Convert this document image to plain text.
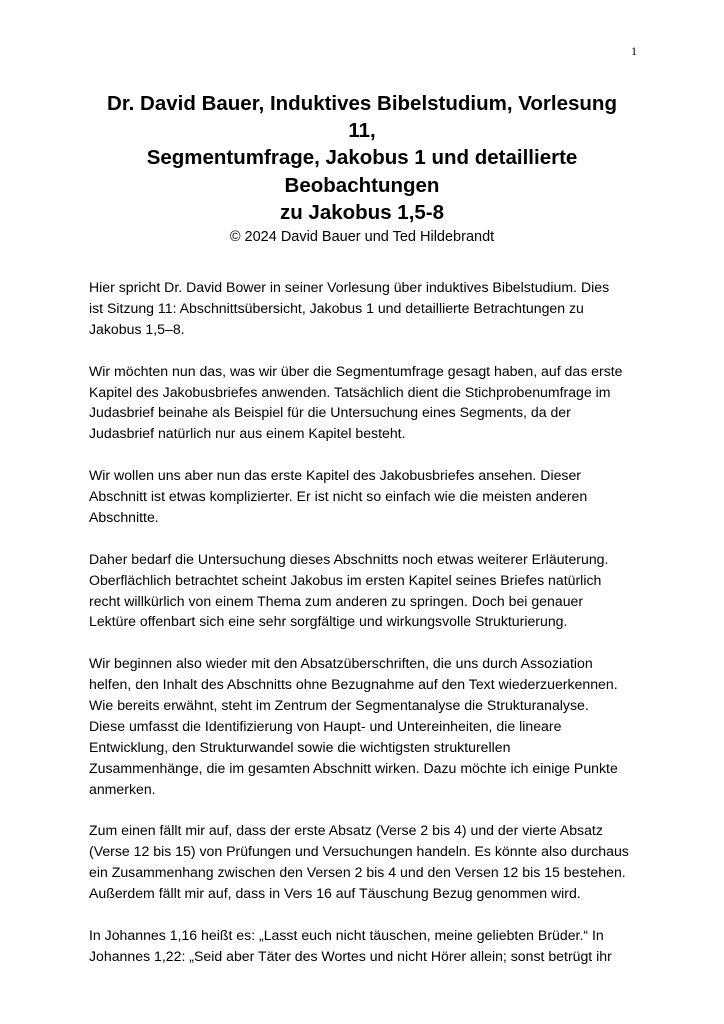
1
Dr. David Bauer, Induktives Bibelstudium, Vorlesung
11,
Segmentumfrage, Jakobus 1 und detaillierte
Beobachtungen
zu Jakobus 1,5-8
© 2024 David Bauer und Ted Hildebrandt
Hier spricht Dr. David Bower in seiner Vorlesung über induktives Bibelstudium. Dies
ist Sitzung 11: Abschnittsübersicht, Jakobus 1 und detaillierte Betrachtungen zu
Jakobus 1,5–8.
Wir möchten nun das, was wir über die Segmentumfrage gesagt haben, auf das erste
Kapitel des Jakobusbriefes anwenden. Tatsächlich dient die Stichprobenumfrage im
Judasbrief beinahe als Beispiel für die Untersuchung eines Segments, da der
Judasbrief natürlich nur aus einem Kapitel besteht.
Wir wollen uns aber nun das erste Kapitel des Jakobusbriefes ansehen. Dieser
Abschnitt ist etwas komplizierter. Er ist nicht so einfach wie die meisten anderen
Abschnitte.
Daher bedarf die Untersuchung dieses Abschnitts noch etwas weiterer Erläuterung.
Oberflächlich betrachtet scheint Jakobus im ersten Kapitel seines Briefes natürlich
recht willkürlich von einem Thema zum anderen zu springen. Doch bei genauer
Lektüre offenbart sich eine sehr sorgfältige und wirkungsvolle Strukturierung.
Wir beginnen also wieder mit den Absatzüberschriften, die uns durch Assoziation
helfen, den Inhalt des Abschnitts ohne Bezugnahme auf den Text wiederzuerkennen.
Wie bereits erwähnt, steht im Zentrum der Segmentanalyse die Strukturanalyse.
Diese umfasst die Identifizierung von Haupt- und Untereinheiten, die lineare
Entwicklung, den Strukturwandel sowie die wichtigsten strukturellen
Zusammenhänge, die im gesamten Abschnitt wirken. Dazu möchte ich einige Punkte
anmerken.
Zum einen fällt mir auf, dass der erste Absatz (Verse 2 bis 4) und der vierte Absatz
(Verse 12 bis 15) von Prüfungen und Versuchungen handeln. Es könnte also durchaus
ein Zusammenhang zwischen den Versen 2 bis 4 und den Versen 12 bis 15 bestehen.
Außerdem fällt mir auf, dass in Vers 16 auf Täuschung Bezug genommen wird.
In Johannes 1,16 heißt es: „Lasst euch nicht täuschen, meine geliebten Brüder.“ In
Johannes 1,22: „Seid aber Täter des Wortes und nicht Hörer allein; sonst betrügt ihr
